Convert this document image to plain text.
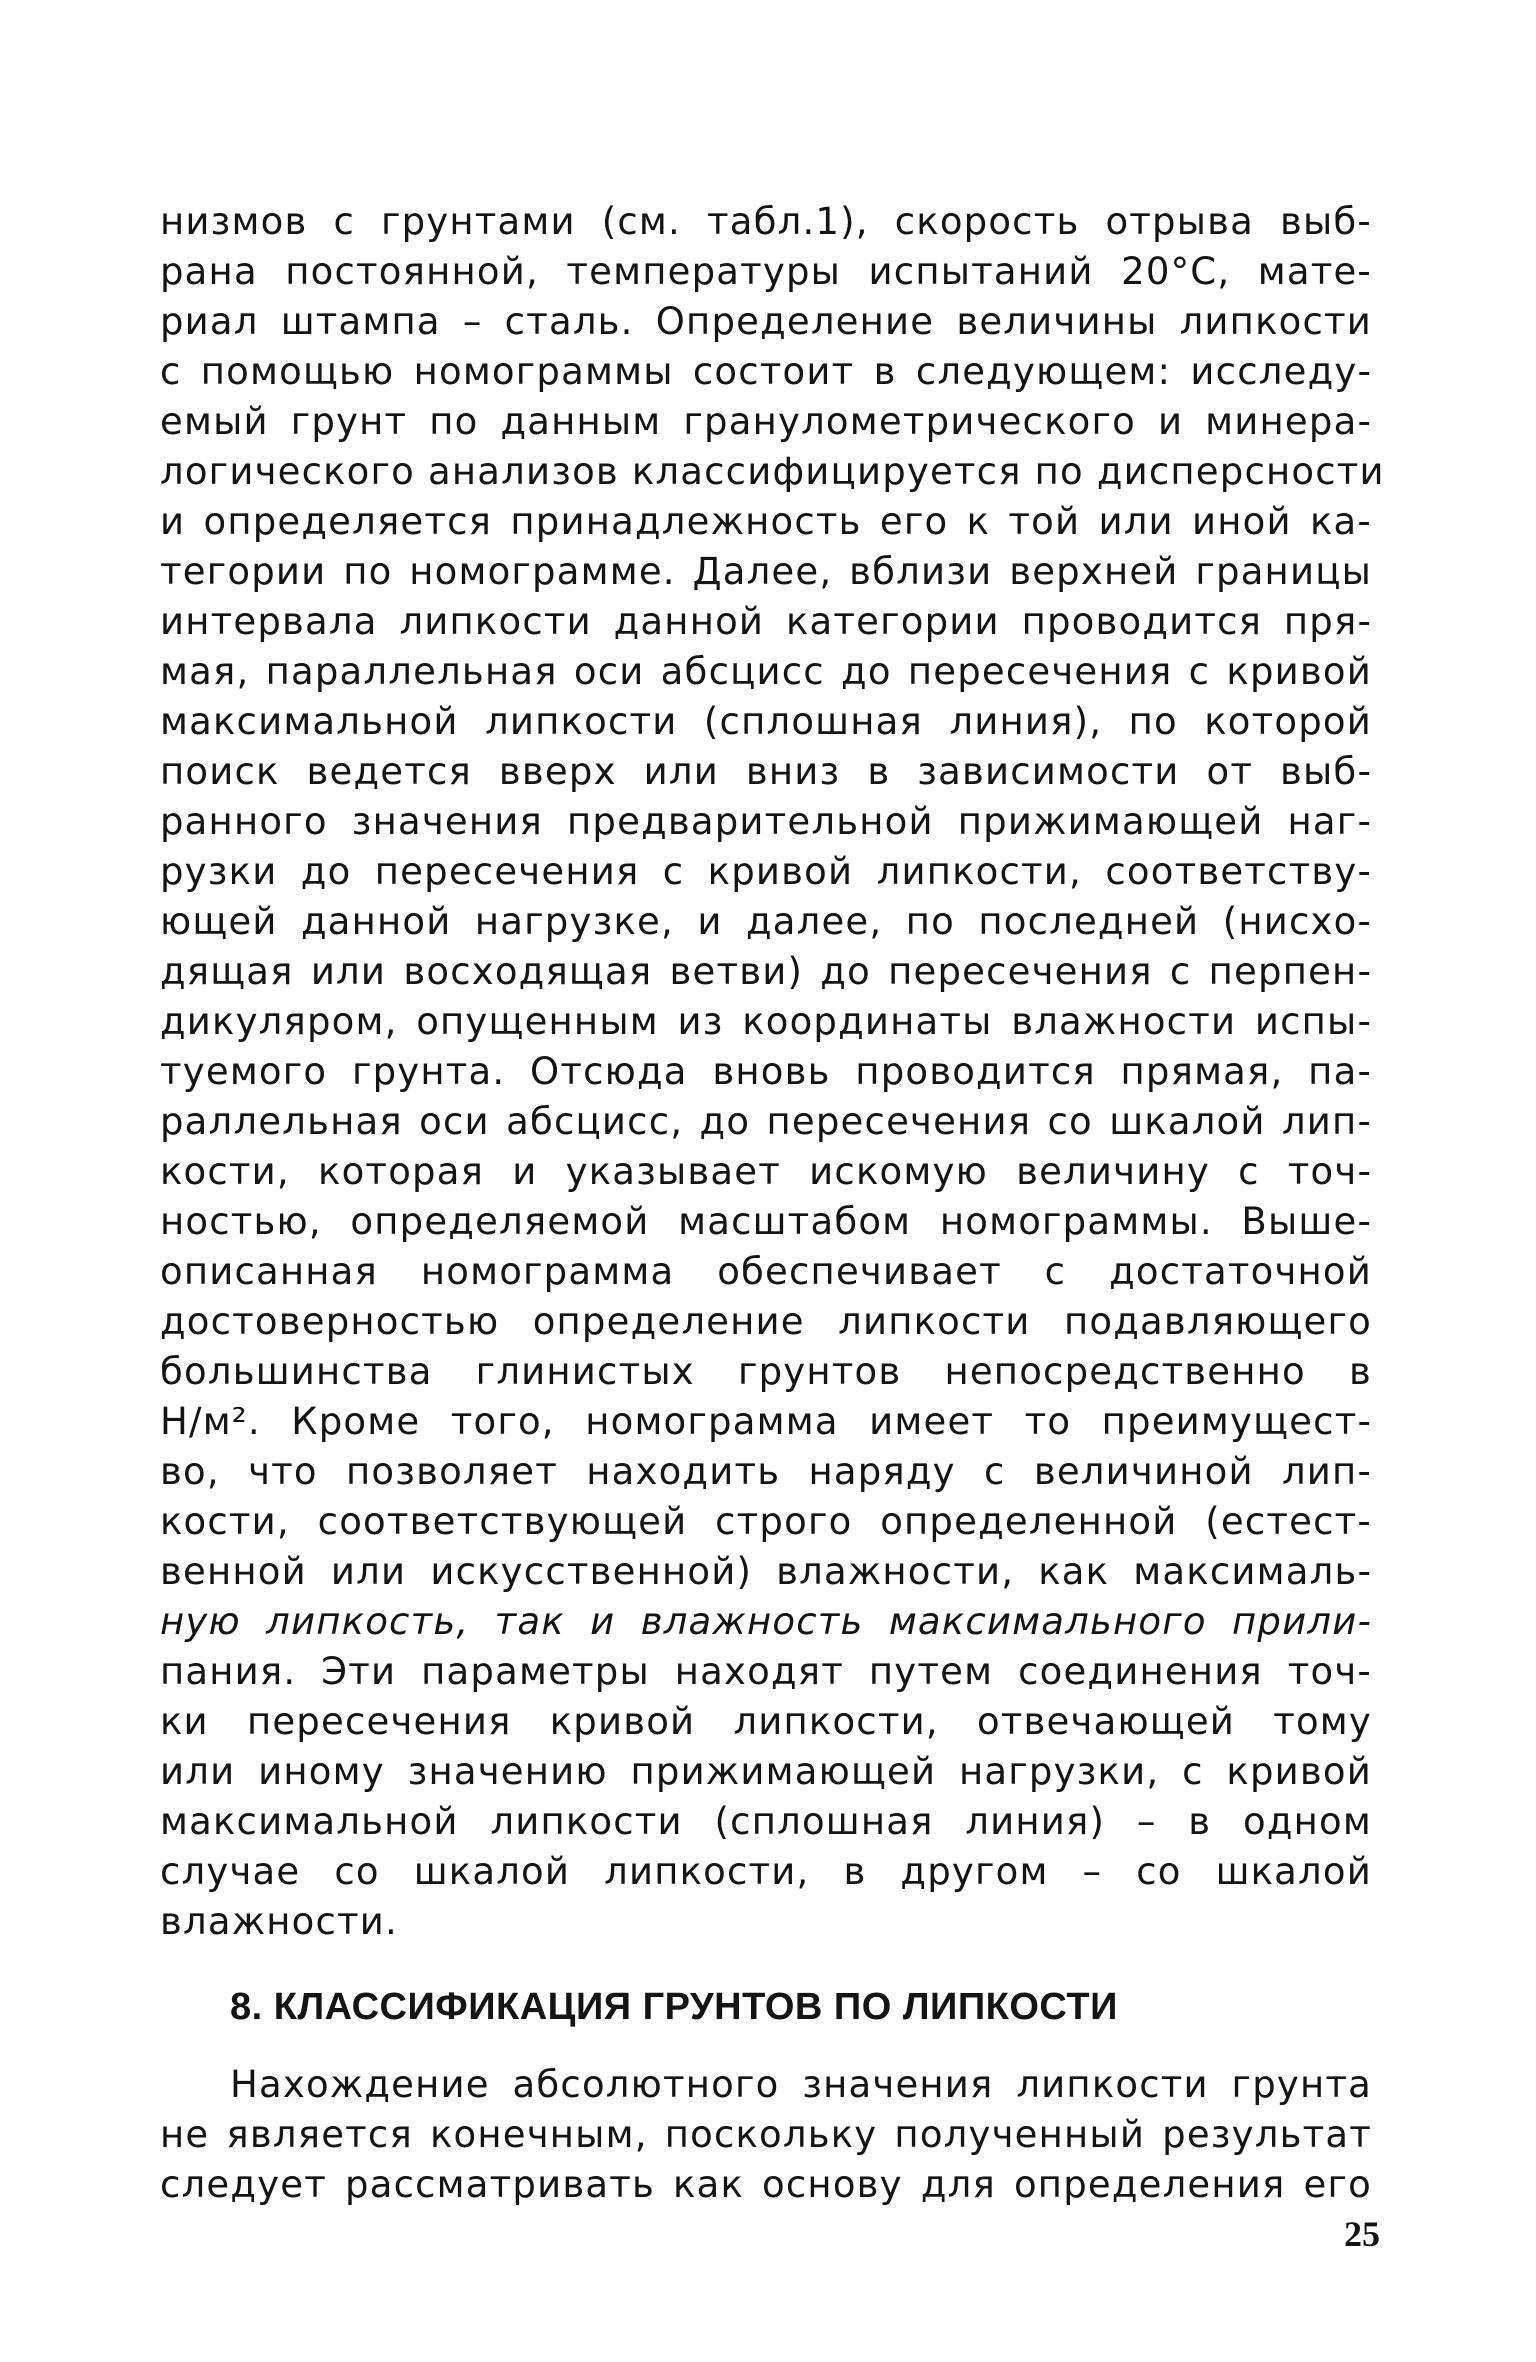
низмов с грунтами (см. табл.1), скорость отрыва выб-
рана постоянной, температуры испытаний 20°С, мате-
риал штампа – сталь. Определение величины липкости
с помощью номограммы состоит в следующем: исследу-
емый грунт по данным гранулометрического и минера-
логического анализов классифицируется по дисперсности
и определяется принадлежность его к той или иной ка-
тегории по номограмме. Далее, вблизи верхней границы
интервала липкости данной категории проводится пря-
мая, параллельная оси абсцисс до пересечения с кривой
максимальной липкости (сплошная линия), по которой
поиск ведется вверх или вниз в зависимости от выб-
ранного значения предварительной прижимающей наг-
рузки до пересечения с кривой липкости, соответству-
ющей данной нагрузке, и далее, по последней (нисхо-
дящая или восходящая ветви) до пересечения с перпен-
дикуляром, опущенным из координаты влажности испы-
туемого грунта. Отсюда вновь проводится прямая, па-
раллельная оси абсцисс, до пересечения со шкалой лип-
кости, которая и указывает искомую величину с точ-
ностью, определяемой масштабом номограммы. Выше-
описанная номограмма обеспечивает с достаточной
достоверностью определение липкости подавляющего
большинства глинистых грунтов непосредственно в
Н/м². Кроме того, номограмма имеет то преимущест-
во, что позволяет находить наряду с величиной лип-
кости, соответствующей строго определенной (естест-
венной или искусственной) влажности, как максималь-
ную липкость, так и влажность максимального прили-
пания. Эти параметры находят путем соединения точ-
ки пересечения кривой липкости, отвечающей тому
или иному значению прижимающей нагрузки, с кривой
максимальной липкости (сплошная линия) – в одном
случае со шкалой липкости, в другом – со шкалой
влажности.
8. КЛАССИФИКАЦИЯ ГРУНТОВ ПО ЛИПКОСТИ
Нахождение абсолютного значения липкости грунта
не является конечным, поскольку полученный результат
следует рассматривать как основу для определения его
25
